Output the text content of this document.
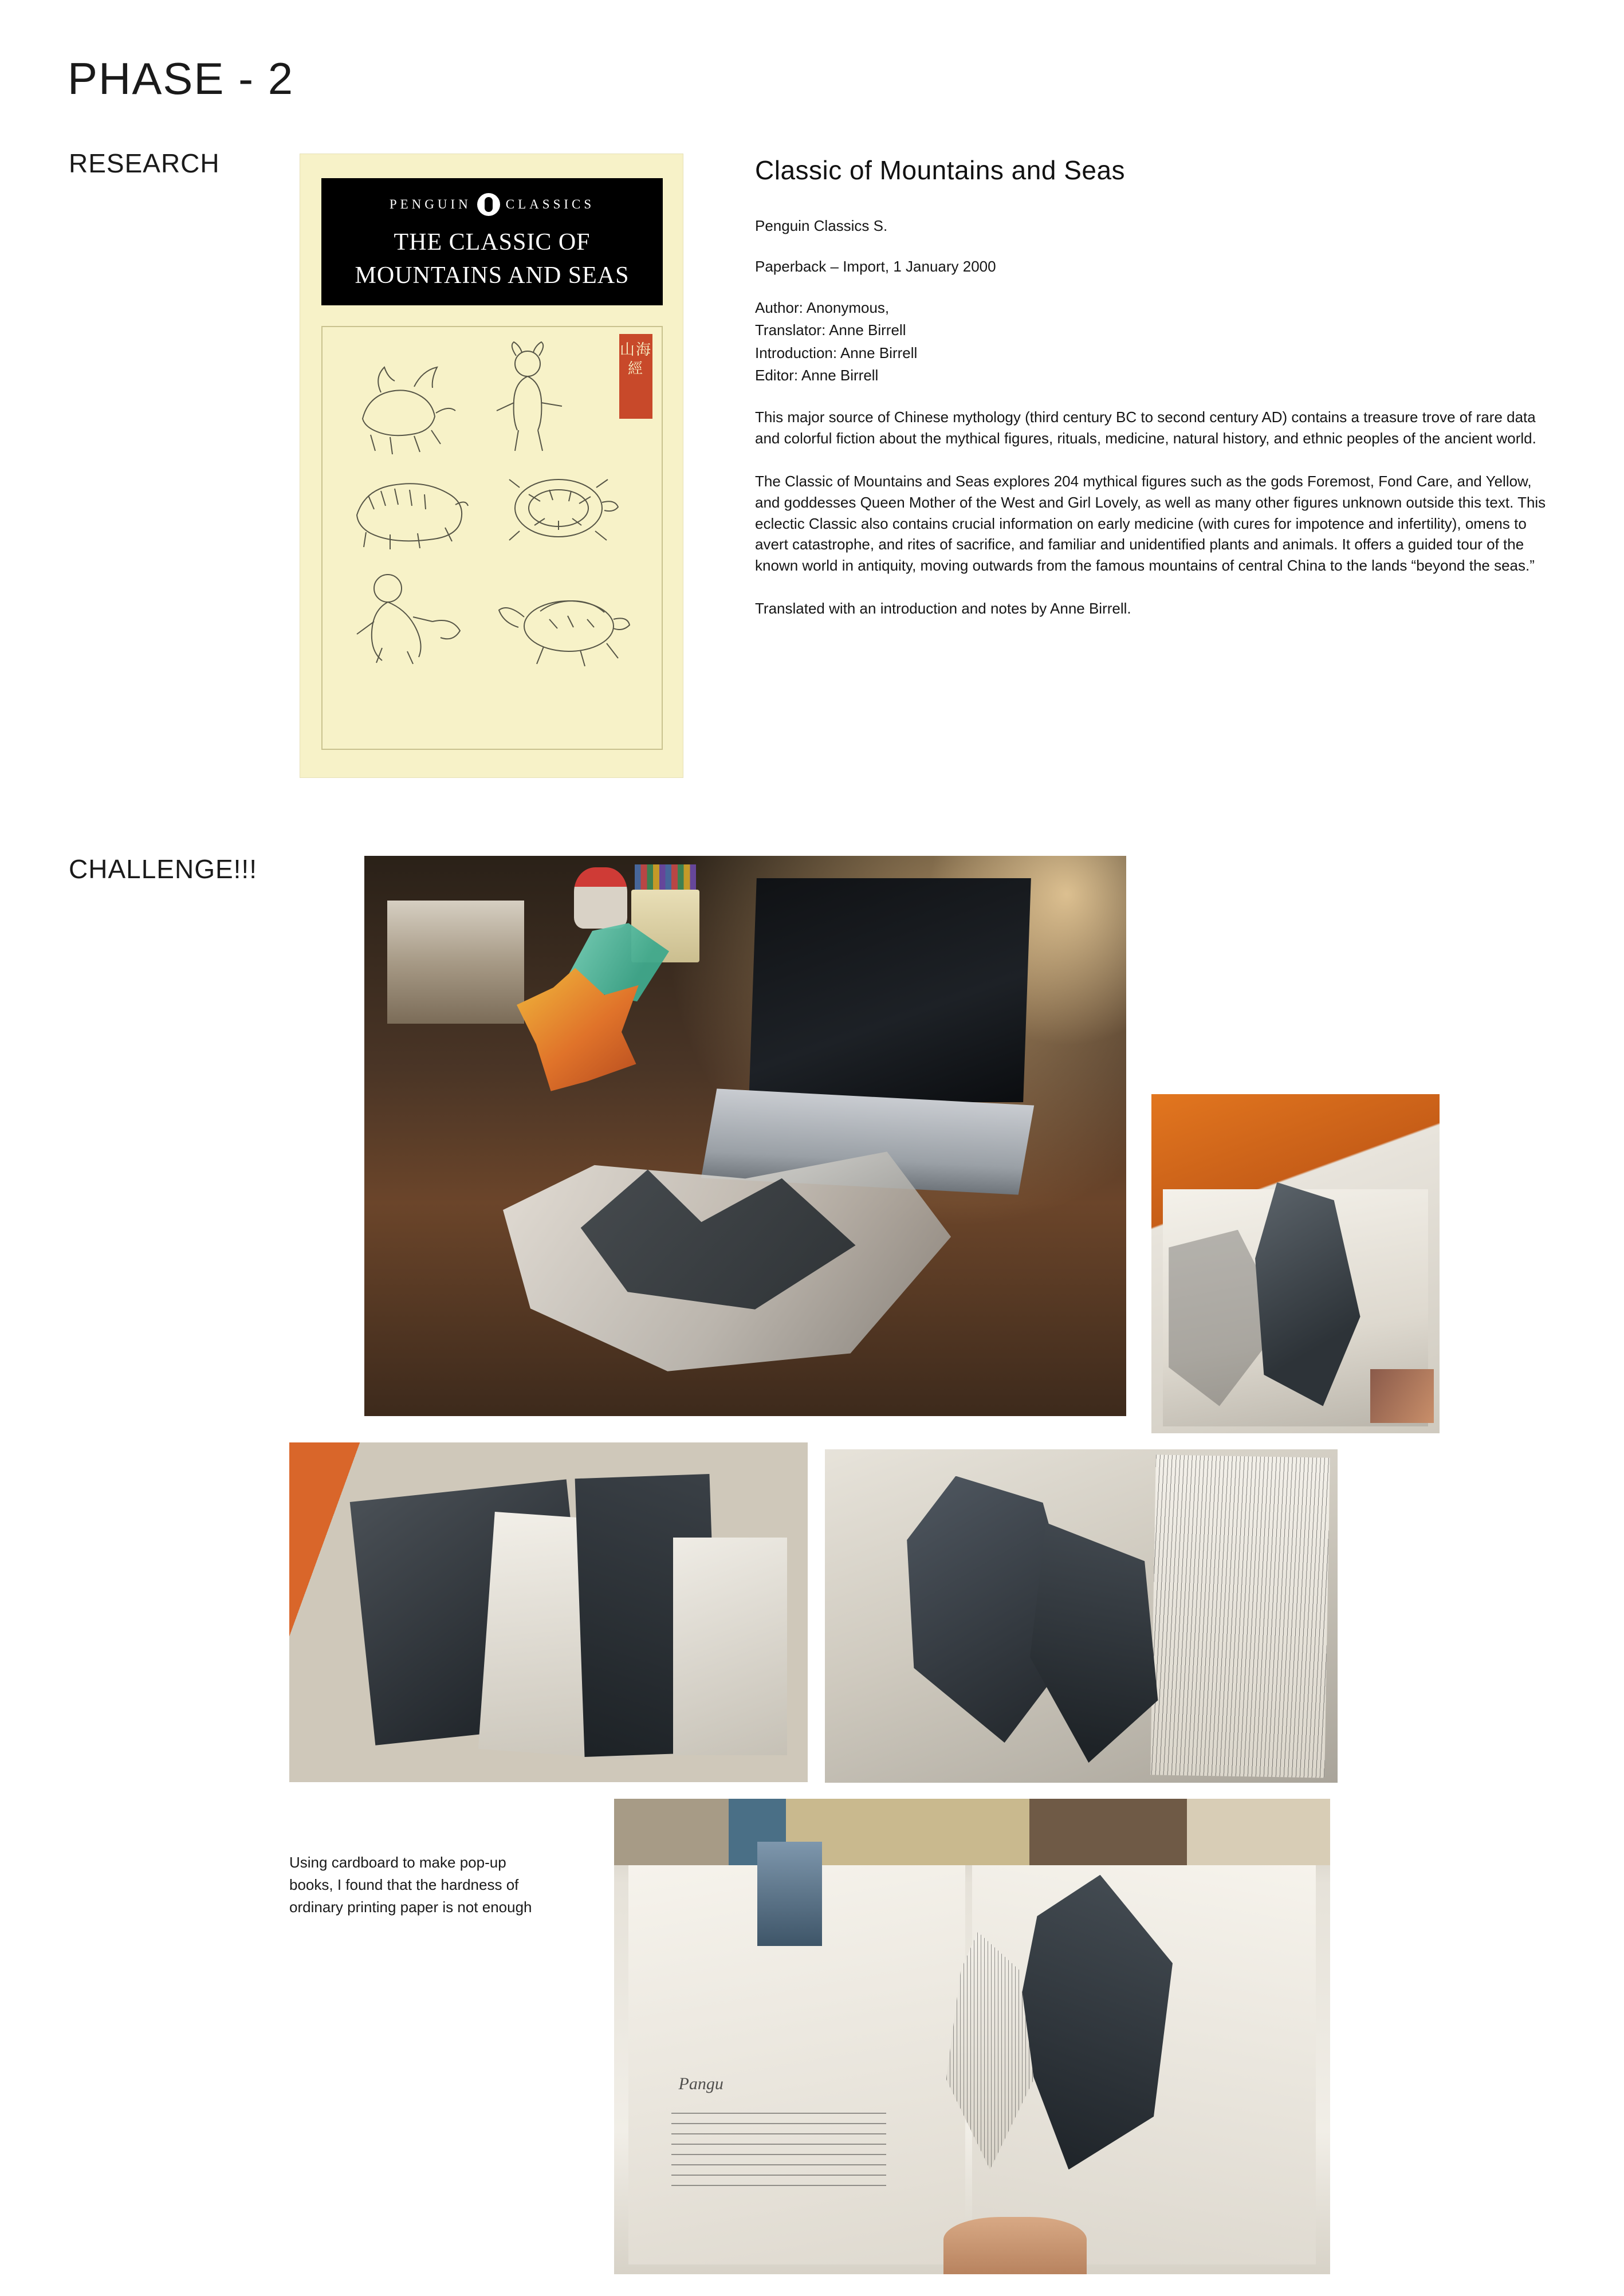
PHASE - 2
RESEARCH
CHALLENGE!!!
PENGUIN	CLASSICS
THE CLASSIC OF
MOUNTAINS AND SEAS
山海經
Classic of Mountains and Seas

Penguin Classics S.

Paperback – Import, 1 January 2000

Author: Anonymous,
Translator: Anne Birrell
Introduction: Anne Birrell
Editor: Anne Birrell

This major source of Chinese mythology (third century BC to second century AD) contains a treasure trove of rare data and colorful fiction about the mythical figures, rituals, medicine, natural history, and ethnic peoples of the ancient world.

The Classic of Mountains and Seas explores 204 mythical figures such as the gods Foremost, Fond Care, and Yellow, and goddesses Queen Mother of the West and Girl Lovely, as well as many other figures unknown outside this text. This eclectic Classic also contains crucial information on early medicine (with cures for impotence and infertility), omens to avert catastrophe, and rites of sacrifice, and familiar and unidentified plants and animals. It offers a guided tour of the known world in antiquity, moving outwards from the famous mountains of central China to the lands “beyond the seas.”

Translated with an introduction and notes by Anne Birrell.

Pangu
Using cardboard to make pop-up books, I found that the hardness of ordinary printing paper is not enough
